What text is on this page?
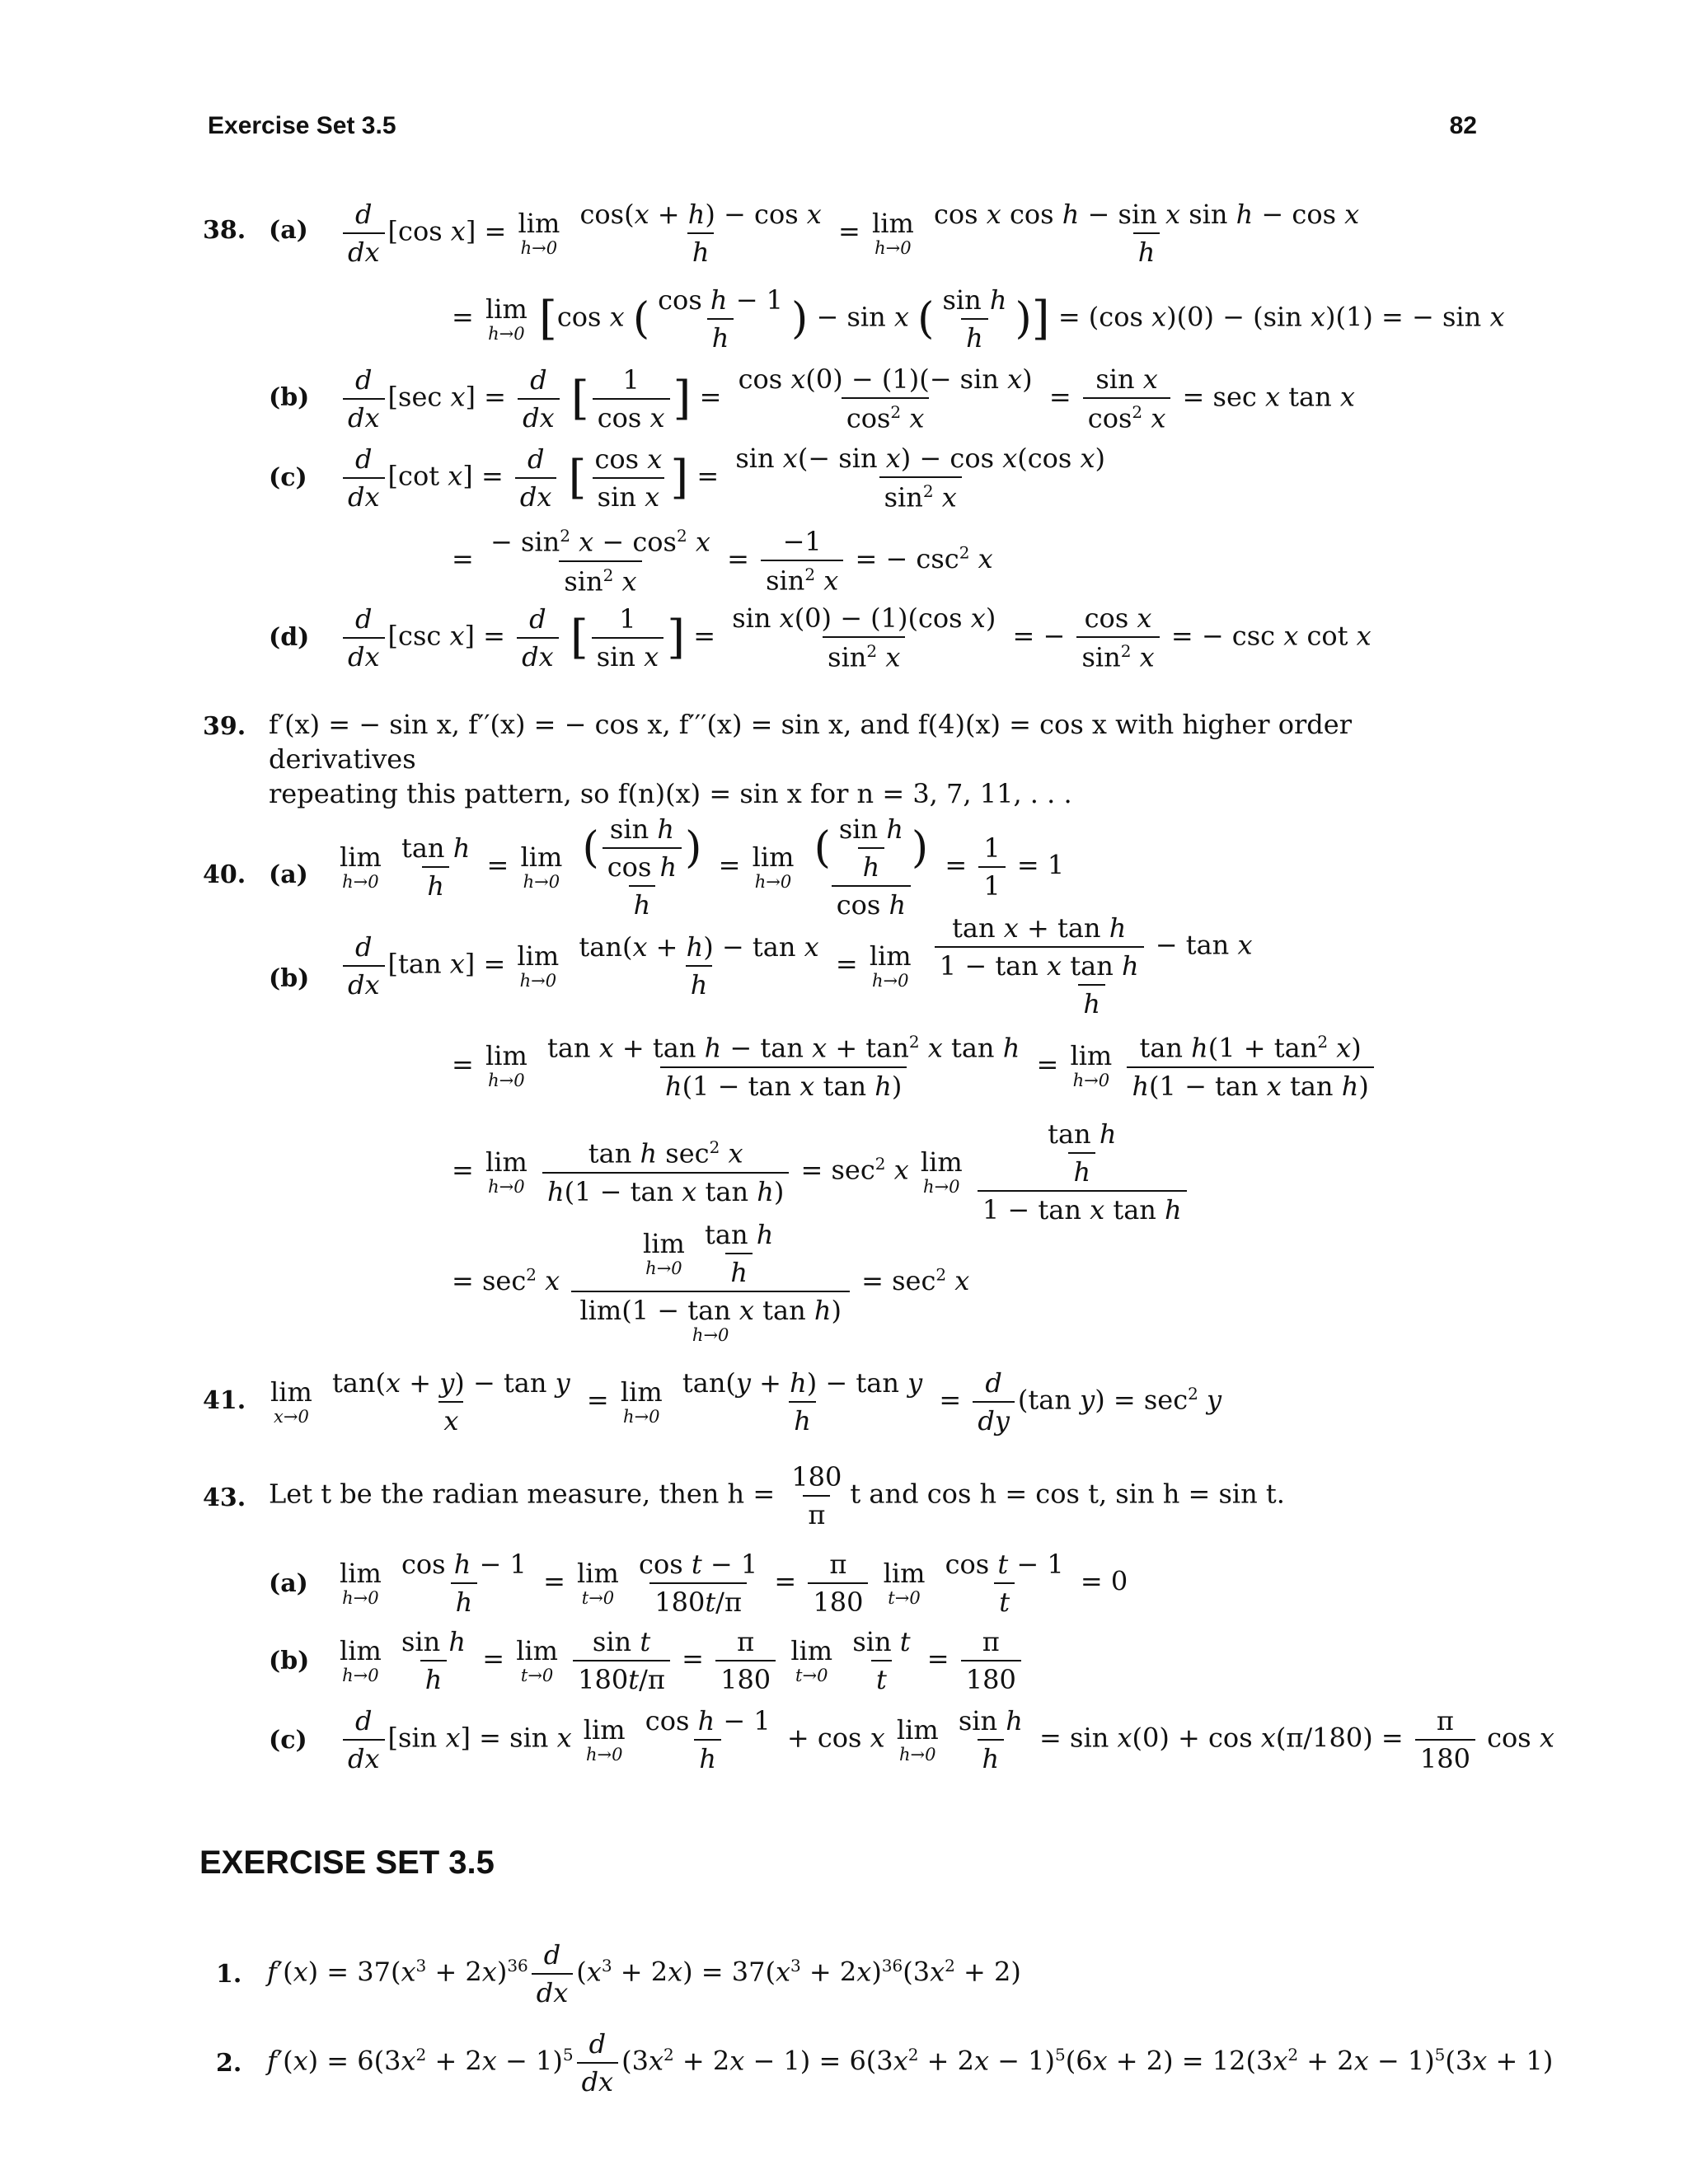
Exercise Set 3.5	82
38. $(a) \frac{d}{dx} [\cos$ x] = lim
h→0
$\frac{\text{cos(x + h) − cos x}}{h} = \lim$
h→0
$\frac{\text{cos x cos h − sin x sin h − cos x}}{h}$
= lim
h→0 [cos x ( $\frac{\text{cos h − 1}}{h}$ ) − sin x ( $\frac{\text{sin h}}{h}$ )] = (cos x)(0) − (sin x)(1) = − sin x
$(b) \frac{d}{dx} [\sec$ $x] = \frac{d}{dx}$ [ $\frac{1}{\text{cos x}}$ ] = $\frac{\text{cos x(0) − (1)(− sin x)}}{\cos^2 x} = \frac{\text{sin x}}{\cos^2 x} = \sec x$ tan x
$(c) \frac{d}{dx} [\cot$ $x] = \frac{d}{dx}$ [ $\frac{\text{cos x}}{\text{sin x}}$ ] = $\frac{\text{sin x(− sin x) − cos x(cos x)}}{\sin^2 x}$
= $\frac{- \sin^2 x - \cos^2 x}{\sin^2 x} = \frac{-1}{\sin^2 x}$ = − $\csc^2 x$
$(d) \frac{d}{dx} [\csc$ $x] = \frac{d}{dx}$ [ $\frac{1}{\text{sin x}}$ ] = $\frac{\text{sin x(0) − (1)(cos x)}}{\sin^2 x}$ = − $\frac{\text{cos x}}{\sin^2 x}$ = − csc x cot x
39. f′(x) = − sin x, f′′(x) = − cos x, f′′′(x) = sin x, and f(4)(x) = cos x with higher order derivatives
repeating this pattern, so f(n)(x) = sin x for n = 3, 7, 11, . . .
40. (a)
lim
h→0
$\frac{\text{tan h}}{h} = \lim$
h→0
$\frac{( \frac{\text{sin h}}{\text{cos h}} )}{h} = \lim$
h→0
$\frac{( \frac{\text{sin h}}{h} )}{\text{cos h}} = \frac{1}{1} = 1$
$(b) \frac{d}{dx} [\tan$ x] = lim
h→0
$\frac{\text{tan(x + h) − tan x}}{h} = \lim$
h→0
$\frac{\frac{\text{tan x + tan h}}{\text{1 − tan x tan h}} - \tan x}{h}$
= lim
h→0
$\frac{\tan x + \tan h - \tan x + \tan^2 x \tan h}{\text{h(1 − tan x tan h)}} = \lim$
h→0
$\frac{\tan h(1 + \tan^2 x)}{\text{h(1 − tan x tan h)}}$
= lim
h→0
$\frac{\tan h \sec^2 x}{\text{h(1 − tan x tan h)}} = \sec^2 x$ lim
h→0
$\frac{\frac{\text{tan h}}{h}}{\text{1 − tan x tan h}}$
= $\sec^2 x$ lim
h→0
$\frac{\text{tan h}}{h}$
lim(1 − tan x tan h)
$h\to 0 = \sec^2 x$
41. lim
x→0
$\frac{\text{tan(x + y) − tan y}}{x} = \lim$
h→0
$\frac{\text{tan(y + h) − tan y}}{h} = \frac{d}{dy} (\tan$ $y) = \sec^2 y$
43. Let t be the radian measure, then $h = \frac{180}{\pi}$ t and cos h = cos t, sin h = sin t.
(a) lim
h→0
$\frac{\text{cos h − 1}}{h} = \lim$
t→0
$\frac{\text{cos t − 1}}{180t/\pi} = \frac{\pi}{180}$
lim
t→0
$\frac{\text{cos t − 1}}{t} = 0$
(b) lim
h→0
$\frac{\text{sin h}}{h} = \lim$
t→0
$\frac{\text{sin t}}{180t/\pi} = \frac{\pi}{180}$
lim
t→0
$\frac{\text{sin t}}{t} = \frac{\pi}{180}$
$(c) \frac{d}{dx} [\sin$ x] = sin x lim
h→0
$\frac{\text{cos h − 1}}{h} + \cos x$ lim
h→0
$\frac{\text{sin h}}{h} = \sin x(0) + \cos x(\pi/180) = \frac{\pi}{180}$ cos x
EXERCISE SET 3.5
1. $f'(x) = 37(x^3 + 2x)^{36} \frac{d}{dx} (x^3 + 2x) = 37(x^3 + 2x)^{36}(3x^2 + 2)$
2. $f'(x) = 6(3x^2 + 2x - 1)^5 \frac{d}{dx} (3x^2 + 2x - 1) = 6(3x^2 + 2x - 1)^5(6x + 2) = 12(3x^2 + 2x - 1)^5(3x + 1)$
